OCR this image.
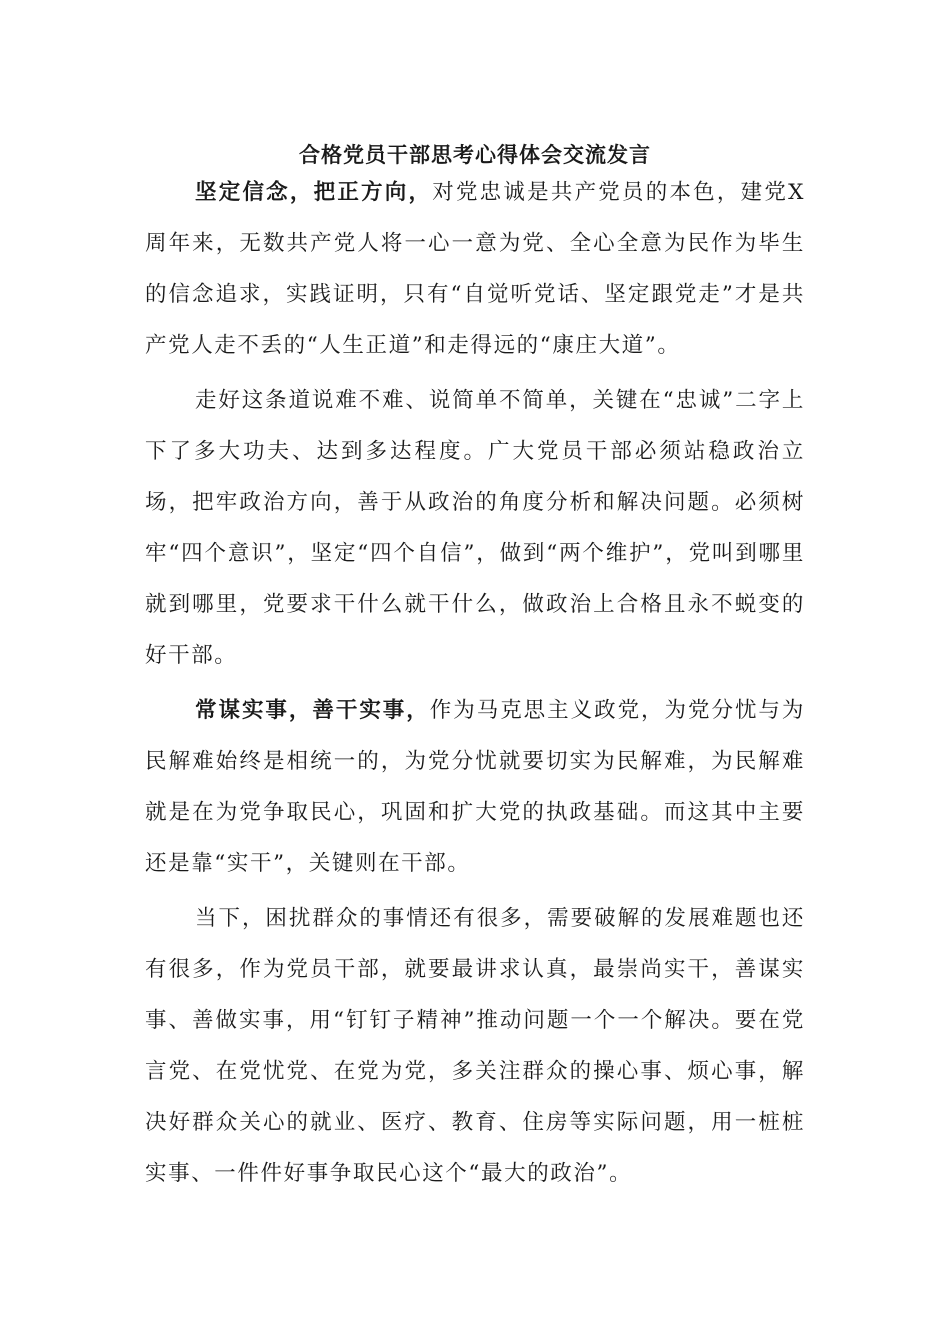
合格党员干部思考心得体会交流发言

坚定信念，把正方向，对党忠诚是共产党员的本色，建党X周年来，无数共产党人将一心一意为党、全心全意为民作为毕生的信念追求，实践证明，只有“自觉听党话、坚定跟党走”才是共产党人走不丢的“人生正道”和走得远的“康庄大道”。

走好这条道说难不难、说简单不简单，关键在“忠诚”二字上下了多大功夫、达到多达程度。广大党员干部必须站稳政治立场，把牢政治方向，善于从政治的角度分析和解决问题。必须树牢“四个意识”，坚定“四个自信”，做到“两个维护”，党叫到哪里就到哪里，党要求干什么就干什么，做政治上合格且永不蜕变的好干部。

常谋实事，善干实事，作为马克思主义政党，为党分忧与为民解难始终是相统一的，为党分忧就要切实为民解难，为民解难就是在为党争取民心，巩固和扩大党的执政基础。而这其中主要还是靠“实干”，关键则在干部。

当下，困扰群众的事情还有很多，需要破解的发展难题也还有很多，作为党员干部，就要最讲求认真，最崇尚实干，善谋实事、善做实事，用“钉钉子精神”推动问题一个一个解决。要在党言党、在党忧党、在党为党，多关注群众的操心事、烦心事，解决好群众关心的就业、医疗、教育、住房等实际问题，用一桩桩实事、一件件好事争取民心这个“最大的政治”。
